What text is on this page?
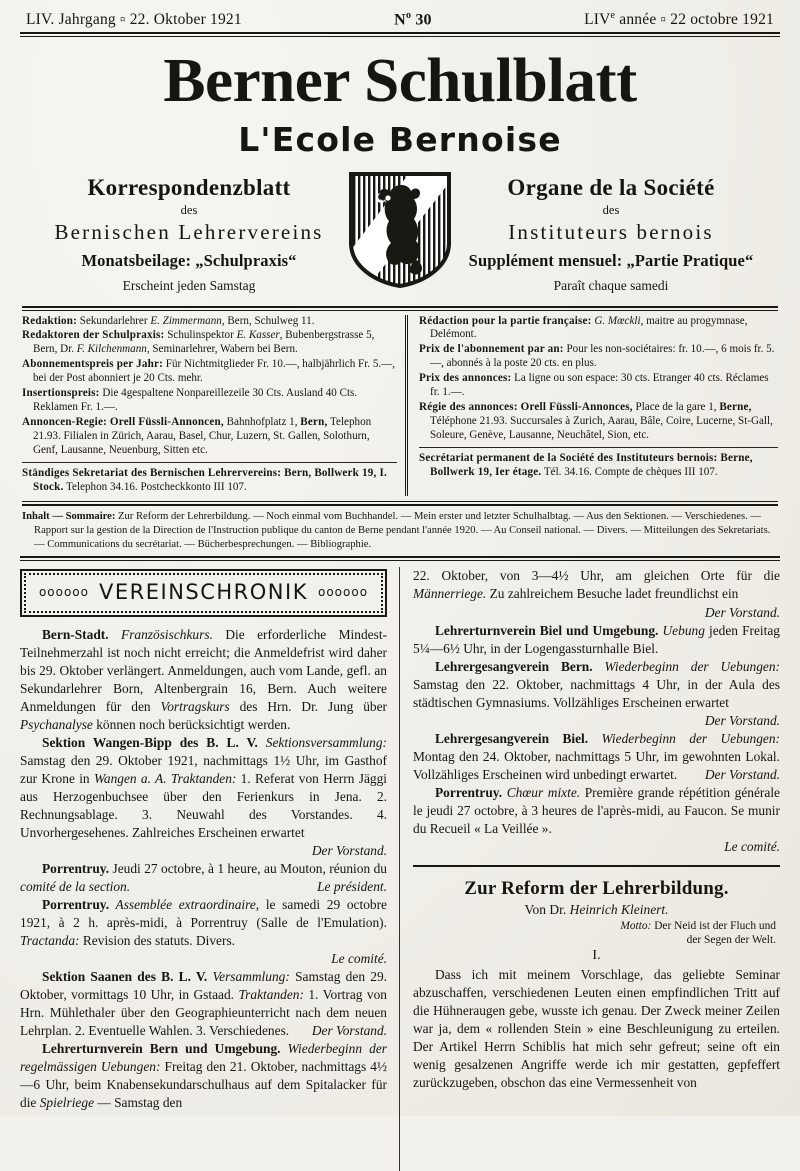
LIV. Jahrgang ▫ 22. Oktober 1921	$N^o$ 30	LIVe année ▫ 22 octobre 1921
Berner Schulblatt
L'Ecole Bernoise
Korrespondenzblatt
des
Bernischen Lehrervereins
Monatsbeilage: „Schulpraxis“
Erscheint jeden Samstag
Organe de la Société
des
Instituteurs bernois
Supplément mensuel: „Partie Pratique“
Paraît chaque samedi

Redaktion: Sekundarlehrer E. Zimmermann, Bern, Schulweg 11.

Redaktoren der Schulpraxis: Schulinspektor E. Kasser, Bubenbergstrasse 5, Bern, Dr. F. Kilchenmann, Seminarlehrer, Wabern bei Bern.

Abonnementspreis per Jahr: Für Nichtmitglieder Fr. 10.—, halbjährlich Fr. 5.—, bei der Post abonniert je 20 Cts. mehr.

Insertionspreis: Die 4gespaltene Nonpareillezeile 30 Cts. Ausland 40 Cts. Reklamen Fr. 1.—.

Annoncen-Regie: Orell Füssli-Annoncen, Bahnhofplatz 1, Bern, Telephon 21.93. Filialen in Zürich, Aarau, Basel, Chur, Luzern, St. Gallen, Solothurn, Genf, Lausanne, Neuenburg, Sitten etc.

Ständiges Sekretariat des Bernischen Lehrervereins: Bern, Bollwerk 19, I. Stock. Telephon 34.16. Postcheckkonto III 107.

Rédaction pour la partie française: G. Mœckli, maitre au progymnase, Delémont.

Prix de l'abonnement par an: Pour les non-sociétaires: fr. 10.—, 6 mois fr. 5.—, abonnés à la poste 20 cts. en plus.

Prix des annonces: La ligne ou son espace: 30 cts. Etranger 40 cts. Réclames fr. 1.—.

Régie des annonces: Orell Füssli-Annonces, Place de la gare 1, Berne, Téléphone 21.93. Succursales à Zurich, Aarau, Bâle, Coire, Lucerne, St-Gall, Soleure, Genève, Lausanne, Neuchâtel, Sion, etc.

Secrétariat permanent de la Société des Instituteurs bernois: Berne, Bollwerk 19, Ier étage. Tél. 34.16. Compte de chèques III 107.

Inhalt — Sommaire: Zur Reform der Lehrerbildung. — Noch einmal vom Buchhandel. — Mein erster und letzter Schulhalbtag. — Aus den Sektionen. — Verschiedenes. — Rapport sur la gestion de la Direction de l'Instruction publique du canton de Berne pendant l'année 1920. — Au Conseil national. — Divers. — Mitteilungen des Sekretariats. — Communications du secrétariat. — Bücherbesprechungen. — Bibliographie.
oooooo VEREINSCHRONIK oooooo

Bern-Stadt. Französischkurs. Die erforderliche Mindest-Teilnehmerzahl ist noch nicht erreicht; die Anmeldefrist wird daher bis 29. Oktober verlängert. Anmeldungen, auch vom Lande, gefl. an Sekundarlehrer Born, Altenbergrain 16, Bern. Auch weitere Anmeldungen für den Vortragskurs des Hrn. Dr. Jung über Psychanalyse können noch berücksichtigt werden.

Sektion Wangen-Bipp des B. L. V. Sektionsversammlung: Samstag den 29. Oktober 1921, nachmittags 1½ Uhr, im Gasthof zur Krone in Wangen a. A. Traktanden: 1. Referat von Herrn Jäggi aus Herzogenbuchsee über den Ferienkurs in Jena. 2. Rechnungsablage. 3. Neuwahl des Vorstandes. 4. Unvorhergesehenes. Zahlreiches Erscheinen erwartet
Der Vorstand.

Porrentruy. Jeudi 27 octobre, à 1 heure, au Mouton, réunion du comité de la section.	Le président.

Porrentruy. Assemblée extraordinaire, le samedi 29 octobre 1921, à 2 h. après-midi, à Porrentruy (Salle de l'Emulation). Tractanda: Revision des statuts. Divers.
Le comité.

Sektion Saanen des B. L. V. Versammlung: Samstag den 29. Oktober, vormittags 10 Uhr, in Gstaad. Traktanden: 1. Vortrag von Hrn. Mühlethaler über den Geographieunterricht nach dem neuen Lehrplan. 2. Eventuelle Wahlen. 3. Verschiedenes.	Der Vorstand.

Lehrerturnverein Bern und Umgebung. Wiederbeginn der regelmässigen Uebungen: Freitag den 21. Oktober, nachmittags 4½—6 Uhr, beim Knabensekundarschulhaus auf dem Spitalacker für die Spielriege — Samstag den

22. Oktober, von 3—4½ Uhr, am gleichen Orte für die Männerriege. Zu zahlreichem Besuche ladet freundlichst ein
Der Vorstand.

Lehrerturnverein Biel und Umgebung. Uebung jeden Freitag 5¼—6½ Uhr, in der Logengassturnhalle Biel.

Lehrergesangverein Bern. Wiederbeginn der Uebungen: Samstag den 22. Oktober, nachmittags 4 Uhr, in der Aula des städtischen Gymnasiums. Vollzähliges Erscheinen erwartet
Der Vorstand.

Lehrergesangverein Biel. Wiederbeginn der Uebungen: Montag den 24. Oktober, nachmittags 5 Uhr, im gewohnten Lokal. Vollzähliges Erscheinen wird unbedingt erwartet.	Der Vorstand.

Porrentruy. Chœur mixte. Première grande répétition générale le jeudi 27 octobre, à 3 heures de l'après-midi, au Faucon. Se munir du Recueil « La Veillée ».
Le comité.

Zur Reform der Lehrerbildung.

Von Dr. Heinrich Kleinert.

Motto: Der Neid ist der Fluch und
der Segen der Welt.

I.

Dass ich mit meinem Vorschlage, das geliebte Seminar abzuschaffen, verschiedenen Leuten einen empfindlichen Tritt auf die Hühneraugen gebe, wusste ich genau. Der Zweck meiner Zeilen war ja, dem « rollenden Stein » eine Beschleunigung zu erteilen. Der Artikel Herrn Schiblis hat mich sehr gefreut; seine oft ein wenig gesalzenen Angriffe werde ich mir gestatten, gepfeffert zurückzugeben, obschon das eine Vermessenheit von
